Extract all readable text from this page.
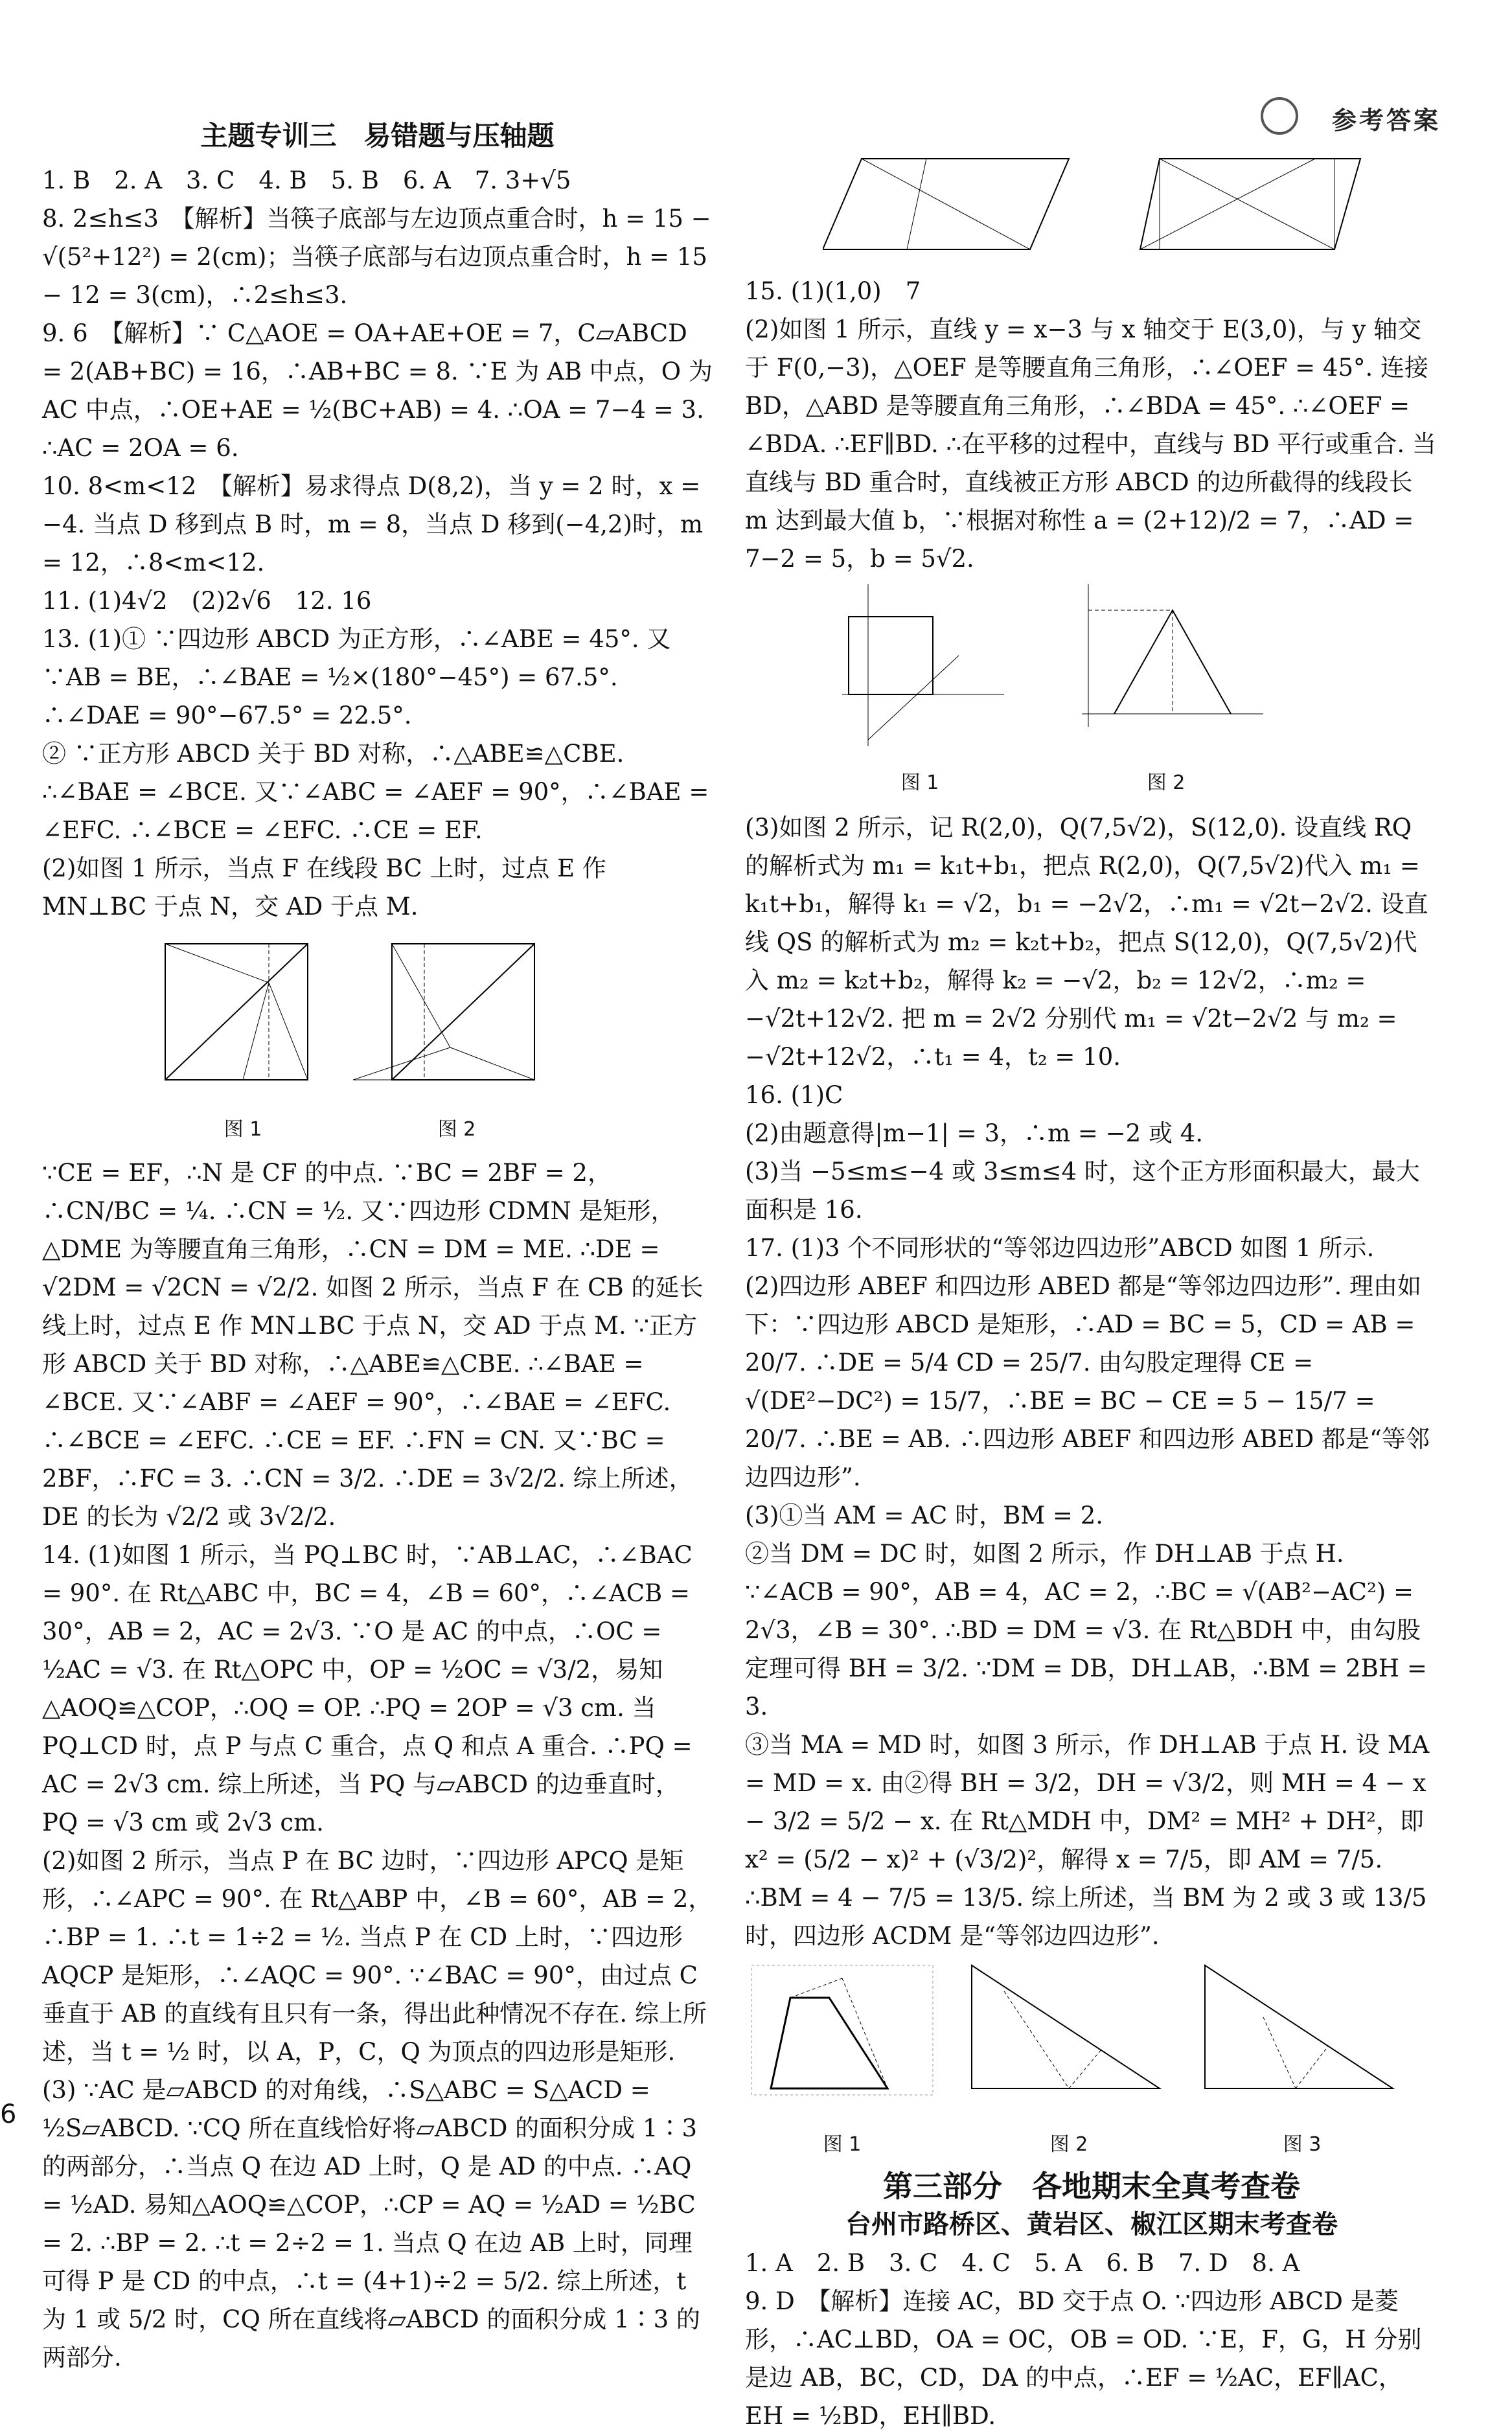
参考答案
主题专训三　易错题与压轴题

1. B　2. A　3. C　4. B　5. B　6. A　7. 3+√5

8. 2≤h≤3　【解析】当筷子底部与左边顶点重合时，h = 15 − √(5²+12²) = 2(cm)；当筷子底部与右边顶点重合时，h = 15 − 12 = 3(cm)，∴2≤h≤3.

9. 6　【解析】∵ C△AOE = OA+AE+OE = 7，C▱ABCD = 2(AB+BC) = 16，∴AB+BC = 8. ∵E 为 AB 中点，O 为 AC 中点，∴OE+AE = ½(BC+AB) = 4. ∴OA = 7−4 = 3. ∴AC = 2OA = 6.

10. 8<m<12　【解析】易求得点 D(8,2)，当 y = 2 时，x = −4. 当点 D 移到点 B 时，m = 8，当点 D 移到(−4,2)时，m = 12，∴8<m<12.

11. (1)4√2　(2)2√6　12. 16

13. (1)① ∵四边形 ABCD 为正方形，∴∠ABE = 45°. 又∵AB = BE，∴∠BAE = ½×(180°−45°) = 67.5°. ∴∠DAE = 90°−67.5° = 22.5°.

② ∵正方形 ABCD 关于 BD 对称，∴△ABE≌△CBE. ∴∠BAE = ∠BCE. 又∵∠ABC = ∠AEF = 90°，∴∠BAE = ∠EFC. ∴∠BCE = ∠EFC. ∴CE = EF.

(2)如图 1 所示，当点 F 在线段 BC 上时，过点 E 作 MN⊥BC 于点 N，交 AD 于点 M.

图 1	图 2

∵CE = EF，∴N 是 CF 的中点. ∵BC = 2BF = 2，∴CN/BC = ¼. ∴CN = ½. 又∵四边形 CDMN 是矩形，△DME 为等腰直角三角形，∴CN = DM = ME. ∴DE = √2DM = √2CN = √2/2. 如图 2 所示，当点 F 在 CB 的延长线上时，过点 E 作 MN⊥BC 于点 N，交 AD 于点 M. ∵正方形 ABCD 关于 BD 对称，∴△ABE≌△CBE. ∴∠BAE = ∠BCE. 又∵∠ABF = ∠AEF = 90°，∴∠BAE = ∠EFC. ∴∠BCE = ∠EFC. ∴CE = EF. ∴FN = CN. 又∵BC = 2BF，∴FC = 3. ∴CN = 3/2. ∴DE = 3√2/2. 综上所述，DE 的长为 √2/2 或 3√2/2.

14. (1)如图 1 所示，当 PQ⊥BC 时，∵AB⊥AC，∴∠BAC = 90°. 在 Rt△ABC 中，BC = 4，∠B = 60°，∴∠ACB = 30°，AB = 2，AC = 2√3. ∵O 是 AC 的中点，∴OC = ½AC = √3. 在 Rt△OPC 中，OP = ½OC = √3/2，易知△AOQ≌△COP，∴OQ = OP. ∴PQ = 2OP = √3 cm. 当 PQ⊥CD 时，点 P 与点 C 重合，点 Q 和点 A 重合. ∴PQ = AC = 2√3 cm. 综上所述，当 PQ 与▱ABCD 的边垂直时，PQ = √3 cm 或 2√3 cm.

(2)如图 2 所示，当点 P 在 BC 边时，∵四边形 APCQ 是矩形，∴∠APC = 90°. 在 Rt△ABP 中，∠B = 60°，AB = 2，∴BP = 1. ∴t = 1÷2 = ½. 当点 P 在 CD 上时，∵四边形 AQCP 是矩形，∴∠AQC = 90°. ∵∠BAC = 90°，由过点 C 垂直于 AB 的直线有且只有一条，得出此种情况不存在. 综上所述，当 t = ½ 时，以 A，P，C，Q 为顶点的四边形是矩形.

(3) ∵AC 是▱ABCD 的对角线，∴S△ABC = S△ACD = ½S▱ABCD. ∵CQ 所在直线恰好将▱ABCD 的面积分成 1∶3 的两部分，∴当点 Q 在边 AD 上时，Q 是 AD 的中点. ∴AQ = ½AD. 易知△AOQ≌△COP，∴CP = AQ = ½AD = ½BC = 2. ∴BP = 2. ∴t = 2÷2 = 1. 当点 Q 在边 AB 上时，同理可得 P 是 CD 的中点，∴t = (4+1)÷2 = 5/2. 综上所述，t 为 1 或 5/2 时，CQ 所在直线将▱ABCD 的面积分成 1∶3 的两部分.

15. (1)(1,0)　7

(2)如图 1 所示，直线 y = x−3 与 x 轴交于 E(3,0)，与 y 轴交于 F(0,−3)，△OEF 是等腰直角三角形，∴∠OEF = 45°. 连接 BD，△ABD 是等腰直角三角形，∴∠BDA = 45°. ∴∠OEF = ∠BDA. ∴EF∥BD. ∴在平移的过程中，直线与 BD 平行或重合. 当直线与 BD 重合时，直线被正方形 ABCD 的边所截得的线段长 m 达到最大值 b，∵根据对称性 a = (2+12)/2 = 7，∴AD = 7−2 = 5，b = 5√2.

图 1	图 2

(3)如图 2 所示，记 R(2,0)，Q(7,5√2)，S(12,0). 设直线 RQ 的解析式为 m₁ = k₁t+b₁，把点 R(2,0)，Q(7,5√2)代入 m₁ = k₁t+b₁，解得 k₁ = √2，b₁ = −2√2，∴m₁ = √2t−2√2. 设直线 QS 的解析式为 m₂ = k₂t+b₂，把点 S(12,0)，Q(7,5√2)代入 m₂ = k₂t+b₂，解得 k₂ = −√2，b₂ = 12√2，∴m₂ = −√2t+12√2. 把 m = 2√2 分别代 m₁ = √2t−2√2 与 m₂ = −√2t+12√2，∴t₁ = 4，t₂ = 10.

16. (1)C

(2)由题意得|m−1| = 3，∴m = −2 或 4.

(3)当 −5≤m≤−4 或 3≤m≤4 时，这个正方形面积最大，最大面积是 16.

17. (1)3 个不同形状的“等邻边四边形”ABCD 如图 1 所示.

(2)四边形 ABEF 和四边形 ABED 都是“等邻边四边形”. 理由如下：∵四边形 ABCD 是矩形，∴AD = BC = 5，CD = AB = 20/7. ∴DE = 5/4 CD = 25/7. 由勾股定理得 CE = √(DE²−DC²) = 15/7，∴BE = BC − CE = 5 − 15/7 = 20/7. ∴BE = AB. ∴四边形 ABEF 和四边形 ABED 都是“等邻边四边形”.

(3)①当 AM = AC 时，BM = 2.

②当 DM = DC 时，如图 2 所示，作 DH⊥AB 于点 H. ∵∠ACB = 90°，AB = 4，AC = 2，∴BC = √(AB²−AC²) = 2√3，∠B = 30°. ∴BD = DM = √3. 在 Rt△BDH 中，由勾股定理可得 BH = 3/2. ∵DM = DB，DH⊥AB，∴BM = 2BH = 3.

③当 MA = MD 时，如图 3 所示，作 DH⊥AB 于点 H. 设 MA = MD = x. 由②得 BH = 3/2，DH = √3/2，则 MH = 4 − x − 3/2 = 5/2 − x. 在 Rt△MDH 中，DM² = MH² + DH²，即 x² = (5/2 − x)² + (√3/2)²，解得 x = 7/5，即 AM = 7/5. ∴BM = 4 − 7/5 = 13/5. 综上所述，当 BM 为 2 或 3 或 13/5 时，四边形 ACDM 是“等邻边四边形”.

图 1	图 2	图 3
第三部分　各地期末全真考查卷
台州市路桥区、黄岩区、椒江区期末考查卷

1. A　2. B　3. C　4. C　5. A　6. B　7. D　8. A

9. D　【解析】连接 AC，BD 交于点 O. ∵四边形 ABCD 是菱形，∴AC⊥BD，OA = OC，OB = OD. ∵E，F，G，H 分别是边 AB，BC，CD，DA 的中点，∴EF = ½AC，EF∥AC，EH = ½BD，EH∥BD.

6
